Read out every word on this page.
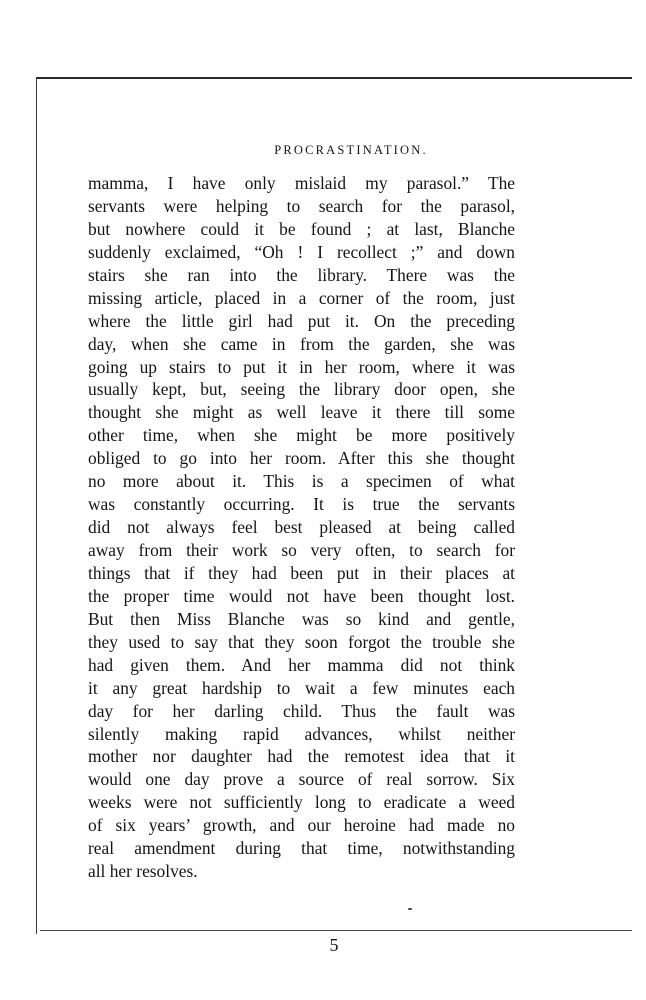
PROCRASTINATION.
mamma, I have only mislaid my parasol.” The
servants were helping to search for the parasol,
but nowhere could it be found ; at last, Blanche
suddenly exclaimed, “Oh ! I recollect ;” and down
stairs she ran into the library. There was the
missing article, placed in a corner of the room, just
where the little girl had put it. On the preceding
day, when she came in from the garden, she was
going up stairs to put it in her room, where it was
usually kept, but, seeing the library door open, she
thought she might as well leave it there till some
other time, when she might be more positively
obliged to go into her room. After this she thought
no more about it. This is a specimen of what
was constantly occurring. It is true the servants
did not always feel best pleased at being called
away from their work so very often, to search for
things that if they had been put in their places at
the proper time would not have been thought lost.
But then Miss Blanche was so kind and gentle,
they used to say that they soon forgot the trouble she
had given them. And her mamma did not think
it any great hardship to wait a few minutes each
day for her darling child. Thus the fault was
silently making rapid advances, whilst neither
mother nor daughter had the remotest idea that it
would one day prove a source of real sorrow. Six
weeks were not sufficiently long to eradicate a weed
of six years’ growth, and our heroine had made no
real amendment during that time, notwithstanding
all her resolves.
5
